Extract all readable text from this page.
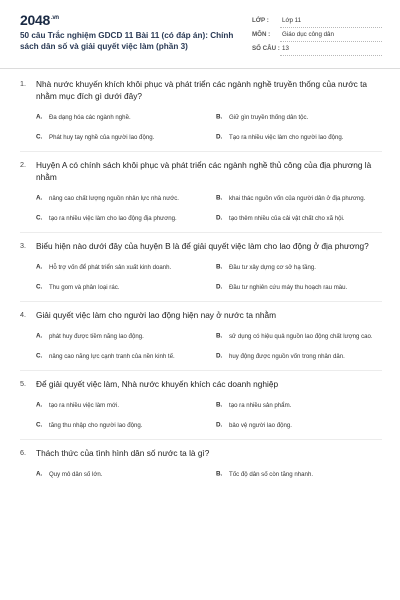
$2048^{.vn}$
50 câu Trắc nghiệm GDCD 11 Bài 11 (có đáp án): Chính sách dân số và giải quyết việc làm (phần 3)
LỚP : Lớp 11
MÔN : Giáo dục công dân
SỐ CÂU : 13
1. Nhà nước khuyến khích khôi phục và phát triển các ngành nghề truyền thống của nước ta nhằm mục đích gì dưới đây?
A. Đa dạng hóa các ngành nghề.	B. Giữ gìn truyền thống dân tộc.
C. Phát huy tay nghề của người lao động.	D. Tạo ra nhiều việc làm cho người lao động.
2. Huyện A có chính sách khôi phục và phát triển các ngành nghề thủ công của địa phương là nhằm
A. nâng cao chất lượng nguồn nhân lực nhà nước.	B. khai thác nguồn vốn của người dân ở địa phương.
C. tạo ra nhiều việc làm cho lao động địa phương.	D. tạo thêm nhiều của cải vật chất cho xã hội.
3. Biểu hiện nào dưới đây của huyện B là để giải quyết việc làm cho lao động ở địa phương?
A. Hỗ trợ vốn để phát triển sản xuất kinh doanh.	B. Đầu tư xây dựng cơ sở hạ tầng.
C. Thu gom và phân loại rác.	D. Đầu tư nghiên cứu máy thu hoạch rau màu.
4. Giải quyết việc làm cho người lao động hiện nay ở nước ta nhằm
A. phát huy được tiềm năng lao động.	B. sử dụng có hiệu quả nguồn lao động chất lượng cao.
C. nâng cao năng lực cạnh tranh của nền kinh tế.	D. huy động được nguồn vốn trong nhân dân.
5. Để giải quyết việc làm, Nhà nước khuyến khích các doanh nghiệp
A. tạo ra nhiều việc làm mới.	B. tạo ra nhiều sản phẩm.
C. tăng thu nhập cho người lao động.	D. bảo vệ người lao động.
6. Thách thức của tình hình dân số nước ta là gì?
A. Quy mô dân số lớn.	B. Tốc độ dân số còn tăng nhanh.
